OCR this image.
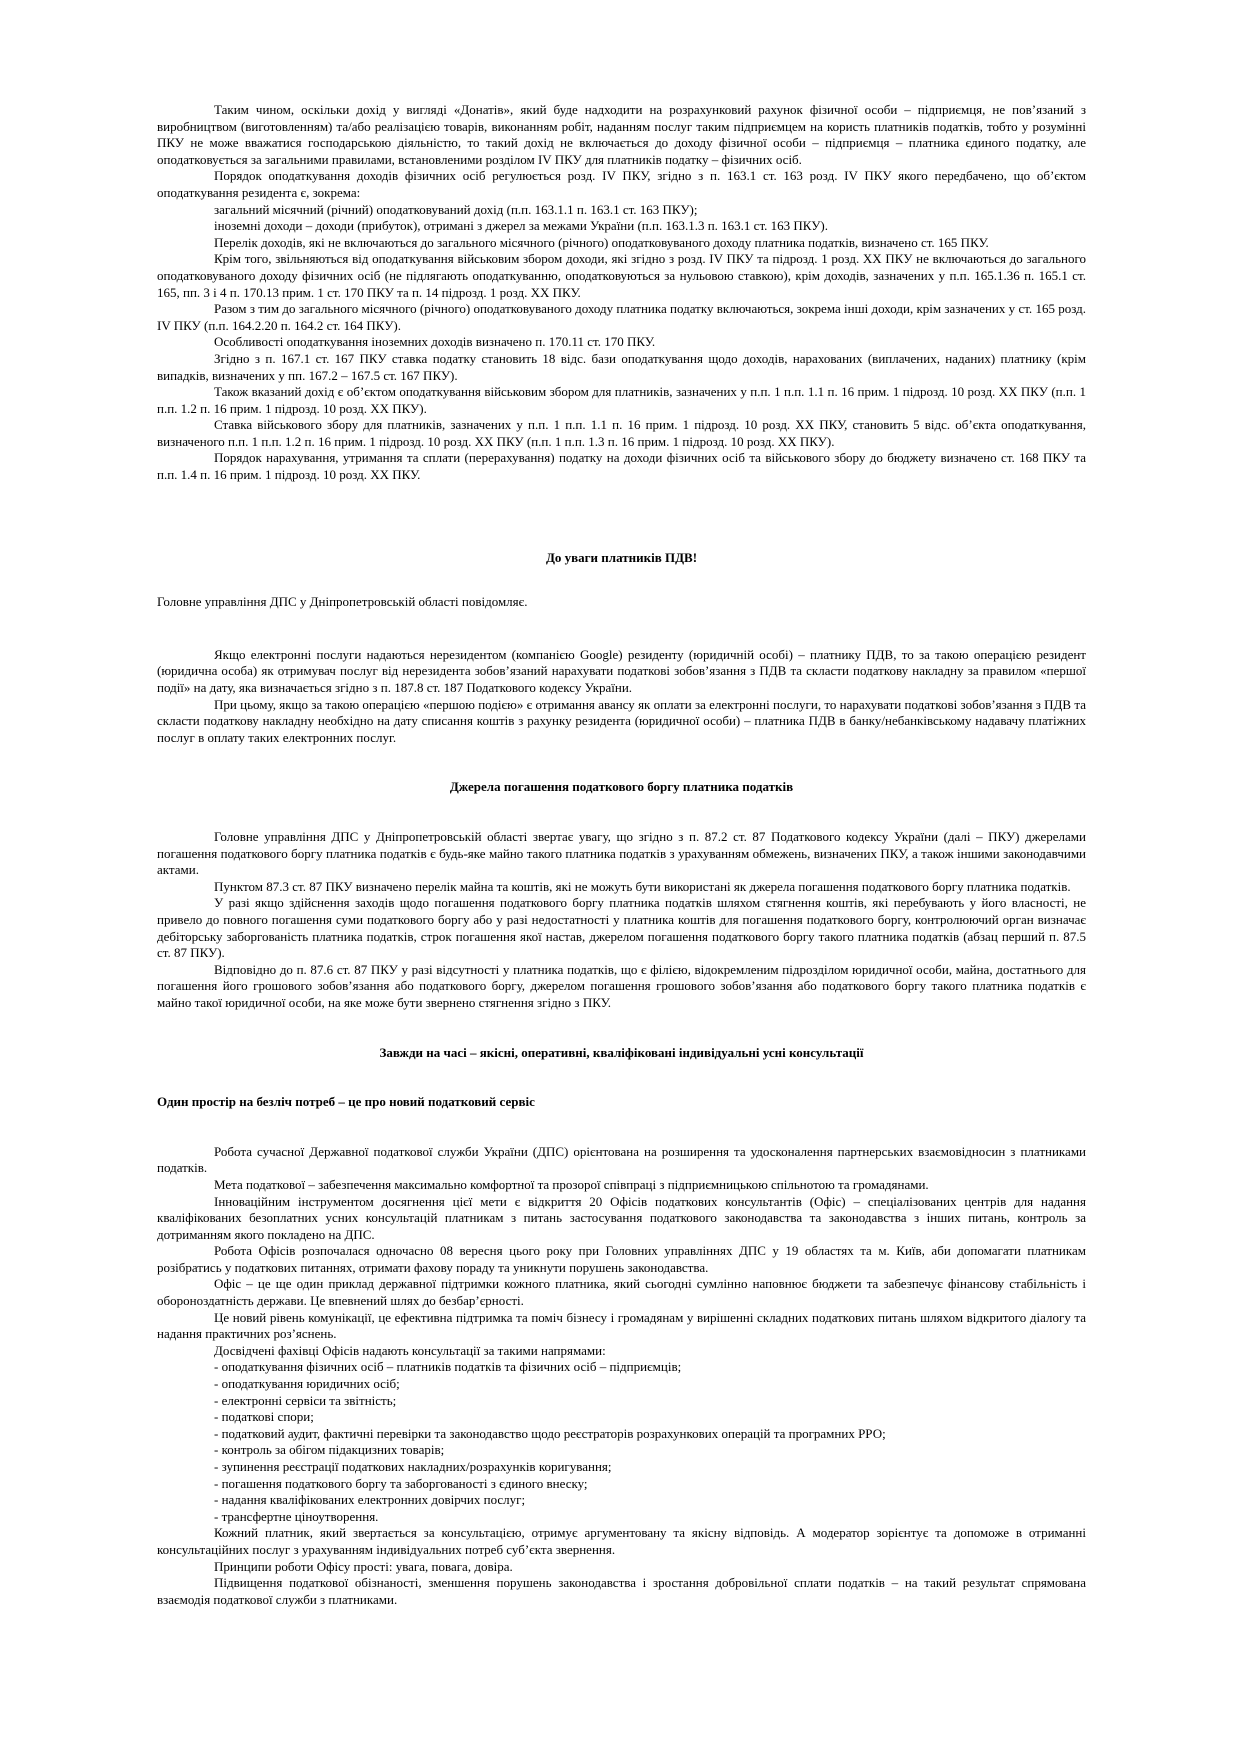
Таким чином, оскільки дохід у вигляді «Донатів», який буде надходити на розрахунковий рахунок фізичної особи – підприємця, не пов’язаний з виробництвом (виготовленням) та/або реалізацією товарів, виконанням робіт, наданням послуг таким підприємцем на користь платників податків, тобто у розумінні ПКУ не може вважатися господарською діяльністю, то такий дохід не включається до доходу фізичної особи – підприємця – платника єдиного податку, але оподатковується за загальними правилами, встановленими розділом IV ПКУ для платників податку – фізичних осіб.

Порядок оподаткування доходів фізичних осіб регулюється розд. IV ПКУ, згідно з п. 163.1 ст. 163 розд. IV ПКУ якого передбачено, що об’єктом оподаткування резидента є, зокрема:

загальний місячний (річний) оподатковуваний дохід (п.п. 163.1.1 п. 163.1 ст. 163 ПКУ);

іноземні доходи – доходи (прибуток), отримані з джерел за межами України (п.п. 163.1.3 п. 163.1 ст. 163 ПКУ).

Перелік доходів, які не включаються до загального місячного (річного) оподатковуваного доходу платника податків, визначено ст. 165 ПКУ.

Крім того, звільняються від оподаткування військовим збором доходи, які згідно з розд. IV ПКУ та підрозд. 1 розд. XX ПКУ не включаються до загального оподатковуваного доходу фізичних осіб (не підлягають оподаткуванню, оподатковуються за нульовою ставкою), крім доходів, зазначених у п.п. 165.1.36 п. 165.1 ст. 165, пп. 3 і 4 п. 170.13 прим. 1 ст. 170 ПКУ та п. 14 підрозд. 1 розд. XX ПКУ.

Разом з тим до загального місячного (річного) оподатковуваного доходу платника податку включаються, зокрема інші доходи, крім зазначених у ст. 165 розд. IV ПКУ (п.п. 164.2.20 п. 164.2 ст. 164 ПКУ).

Особливості оподаткування іноземних доходів визначено п. 170.11 ст. 170 ПКУ.

Згідно з п. 167.1 ст. 167 ПКУ ставка податку становить 18 відс. бази оподаткування щодо доходів, нарахованих (виплачених, наданих) платнику (крім випадків, визначених у пп. 167.2 – 167.5 ст. 167 ПКУ).

Також вказаний дохід є об’єктом оподаткування військовим збором для платників, зазначених у п.п. 1 п.п. 1.1 п. 16 прим. 1 підрозд. 10 розд. XX ПКУ (п.п. 1 п.п. 1.2 п. 16 прим. 1 підрозд. 10 розд. XX ПКУ).

Ставка військового збору для платників, зазначених у п.п. 1 п.п. 1.1 п. 16 прим. 1 підрозд. 10 розд. XX ПКУ, становить 5 відс. об’єкта оподаткування, визначеного п.п. 1 п.п. 1.2 п. 16 прим. 1 підрозд. 10 розд. XX ПКУ (п.п. 1 п.п. 1.3 п. 16 прим. 1 підрозд. 10 розд. XX ПКУ).

Порядок нарахування, утримання та сплати (перерахування) податку на доходи фізичних осіб та військового збору до бюджету визначено ст. 168 ПКУ та п.п. 1.4 п. 16 прим. 1 підрозд. 10 розд. XX ПКУ.

До уваги платників ПДВ!

Головне управління ДПС у Дніпропетровській області повідомляє.

Якщо електронні послуги надаються нерезидентом (компанією Google) резиденту (юридичній особі) – платнику ПДВ, то за такою операцією резидент (юридична особа) як отримувач послуг від нерезидента зобов’язаний нарахувати податкові зобов’язання з ПДВ та скласти податкову накладну за правилом «першої події» на дату, яка визначається згідно з п. 187.8 ст. 187 Податкового кодексу України.

При цьому, якщо за такою операцією «першою подією» є отримання авансу як оплати за електронні послуги, то нарахувати податкові зобов’язання з ПДВ та скласти податкову накладну необхідно на дату списання коштів з рахунку резидента (юридичної особи) – платника ПДВ в банку/небанківському надавачу платіжних послуг в оплату таких електронних послуг.

Джерела погашення податкового боргу платника податків

Головне управління ДПС у Дніпропетровській області звертає увагу, що згідно з п. 87.2 ст. 87 Податкового кодексу України (далі – ПКУ) джерелами погашення податкового боргу платника податків є будь-яке майно такого платника податків з урахуванням обмежень, визначених ПКУ, а також іншими законодавчими актами.

Пунктом 87.3 ст. 87 ПКУ визначено перелік майна та коштів, які не можуть бути використані як джерела погашення податкового боргу платника податків.

У разі якщо здійснення заходів щодо погашення податкового боргу платника податків шляхом стягнення коштів, які перебувають у його власності, не привело до повного погашення суми податкового боргу або у разі недостатності у платника коштів для погашення податкового боргу, контролюючий орган визначає дебіторську заборгованість платника податків, строк погашення якої настав, джерелом погашення податкового боргу такого платника податків (абзац перший п. 87.5 ст. 87 ПКУ).

Відповідно до п. 87.6 ст. 87 ПКУ у разі відсутності у платника податків, що є філією, відокремленим підрозділом юридичної особи, майна, достатнього для погашення його грошового зобов’язання або податкового боргу, джерелом погашення грошового зобов’язання або податкового боргу такого платника податків є майно такої юридичної особи, на яке може бути звернено стягнення згідно з ПКУ.

Завжди на часі – якісні, оперативні, кваліфіковані індивідуальні усні консультації

Один простір на безліч потреб – це про новий податковий сервіс

Робота сучасної Державної податкової служби України (ДПС) орієнтована на розширення та удосконалення партнерських взаємовідносин з платниками податків.

Мета податкової – забезпечення максимально комфортної та прозорої співпраці з підприємницькою спільнотою та громадянами.

Інноваційним інструментом досягнення цієї мети є відкриття 20 Офісів податкових консультантів (Офіс) – спеціалізованих центрів для надання кваліфікованих безоплатних усних консультацій платникам з питань застосування податкового законодавства та законодавства з інших питань, контроль за дотриманням якого покладено на ДПС.

Робота Офісів розпочалася одночасно 08 вересня цього року при Головних управліннях ДПС у 19 областях та м. Київ, аби допомагати платникам розібратись у податкових питаннях, отримати фахову пораду та уникнути порушень законодавства.

Офіс – це ще один приклад державної підтримки кожного платника, який сьогодні сумлінно наповнює бюджети та забезпечує фінансову стабільність і обороноздатність держави. Це впевнений шлях до безбар’єрності.

Це новий рівень комунікації, це ефективна підтримка та поміч бізнесу і громадянам у вирішенні складних податкових питань шляхом відкритого діалогу та надання практичних роз’яснень.

Досвідчені фахівці Офісів надають консультації за такими напрямами:

- оподаткування фізичних осіб – платників податків та фізичних осіб – підприємців;

- оподаткування юридичних осіб;

- електронні сервіси та звітність;

- податкові спори;

- податковий аудит, фактичні перевірки та законодавство щодо реєстраторів розрахункових операцій та програмних РРО;

- контроль за обігом підакцизних товарів;

- зупинення реєстрації податкових накладних/розрахунків коригування;

- погашення податкового боргу та заборгованості з єдиного внеску;

- надання кваліфікованих електронних довірчих послуг;

- трансфертне ціноутворення.

Кожний платник, який звертається за консультацією, отримує аргументовану та якісну відповідь. А модератор зорієнтує та допоможе в отриманні консультаційних послуг з урахуванням індивідуальних потреб суб’єкта звернення.

Принципи роботи Офісу прості: увага, повага, довіра.

Підвищення податкової обізнаності, зменшення порушень законодавства і зростання добровільної сплати податків – на такий результат спрямована взаємодія податкової служби з платниками.
